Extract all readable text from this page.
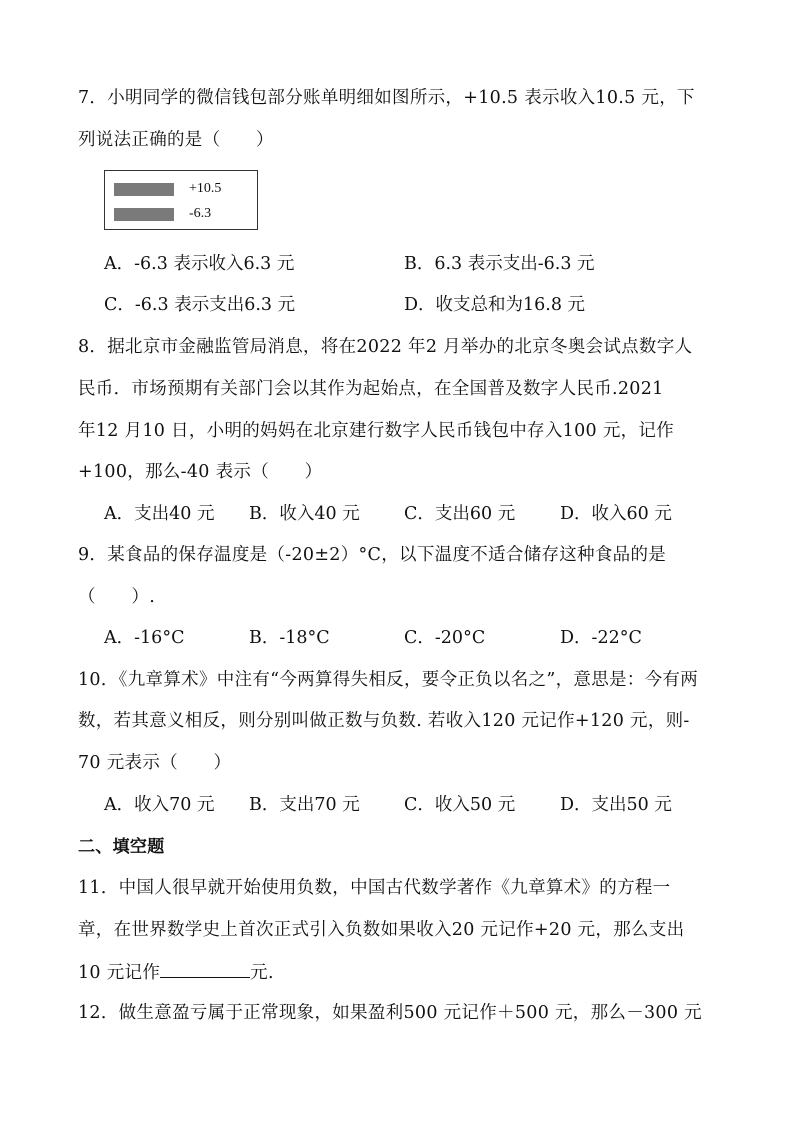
7．小明同学的微信钱包部分账单明细如图所示，+10.5 表示收入10.5 元，下
列说法正确的是（　　）
+10.5
-6.3
A．-6.3 表示收入6.3 元	B．6.3 表示支出-6.3 元
C．-6.3 表示支出6.3 元	D．收支总和为16.8 元
8．据北京市金融监管局消息，将在2022 年2 月举办的北京冬奥会试点数字人
民币．市场预期有关部门会以其作为起始点，在全国普及数字人民币.2021
年12 月10 日，小明的妈妈在北京建行数字人民币钱包中存入100 元，记作
+100，那么-40 表示（　　）
A．支出40 元 B．收入40 元	C．支出60 元	D．收入60 元
9．某食品的保存温度是（-20±2）°C，以下温度不适合储存这种食品的是
（　　）.
A．-16°C	B．-18°C	C．-20°C	D．-22°C
10．《九章算术》中注有“今两算得失相反，要令正负以名之”，意思是：今有两
数，若其意义相反，则分别叫做正数与负数. 若收入120 元记作+120 元，则-
70 元表示（　　）
A．收入70 元 B．支出70 元	C．收入50 元	D．支出50 元
二、填空题
11．中国人很早就开始使用负数，中国古代数学著作《九章算术》的方程一
章，在世界数学史上首次正式引入负数如果收入20 元记作+20 元，那么支出
10 元记作	元.
12．做生意盈亏属于正常现象，如果盈利500 元记作＋500 元，那么－300 元
